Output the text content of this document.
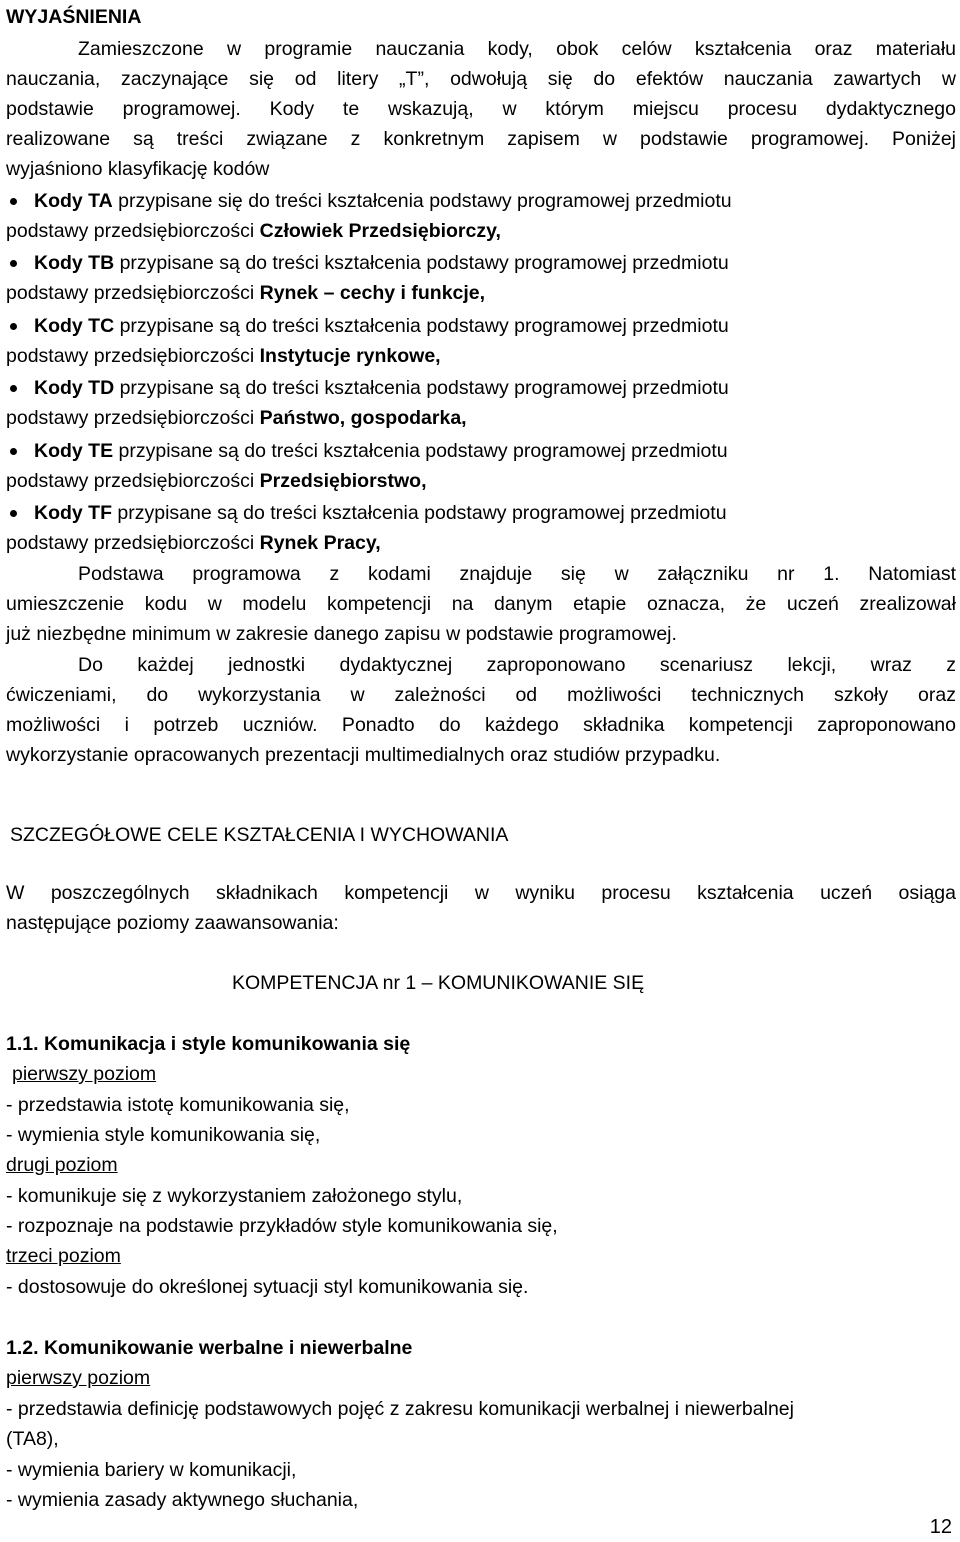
WYJAŚNIENIA
Zamieszczone w programie nauczania kody, obok celów kształcenia oraz materiału
nauczania, zaczynające się od litery „T”, odwołują się do efektów nauczania zawartych w
podstawie programowej. Kody te wskazują, w którym miejscu procesu dydaktycznego
realizowane są treści związane z konkretnym zapisem w podstawie programowej. Poniżej
wyjaśniono klasyfikację kodów
Kody TA przypisane się do treści kształcenia podstawy programowej przedmiotu
podstawy przedsiębiorczości Człowiek Przedsiębiorczy,
Kody TB przypisane są do treści kształcenia podstawy programowej przedmiotu
podstawy przedsiębiorczości Rynek – cechy i funkcje,
Kody TC przypisane są do treści kształcenia podstawy programowej przedmiotu
podstawy przedsiębiorczości Instytucje rynkowe,
Kody TD przypisane są do treści kształcenia podstawy programowej przedmiotu
podstawy przedsiębiorczości Państwo, gospodarka,
Kody TE przypisane są do treści kształcenia podstawy programowej przedmiotu
podstawy przedsiębiorczości Przedsiębiorstwo,
Kody TF przypisane są do treści kształcenia podstawy programowej przedmiotu
podstawy przedsiębiorczości Rynek Pracy,
Podstawa programowa z kodami znajduje się w załączniku nr 1. Natomiast
umieszczenie kodu w modelu kompetencji na danym etapie oznacza, że uczeń zrealizował
już niezbędne minimum w zakresie danego zapisu w podstawie programowej.
Do każdej jednostki dydaktycznej zaproponowano scenariusz lekcji, wraz z
ćwiczeniami, do wykorzystania w zależności od możliwości technicznych szkoły oraz
możliwości i potrzeb uczniów. Ponadto do każdego składnika kompetencji zaproponowano
wykorzystanie opracowanych prezentacji multimedialnych oraz studiów przypadku.
SZCZEGÓŁOWE CELE KSZTAŁCENIA I WYCHOWANIA
W poszczególnych składnikach kompetencji w wyniku procesu kształcenia uczeń osiąga
następujące poziomy zaawansowania:
KOMPETENCJA nr 1 – KOMUNIKOWANIE SIĘ
1.1. Komunikacja i style komunikowania się
pierwszy poziom
- przedstawia istotę komunikowania się,
- wymienia style komunikowania się,
drugi poziom
- komunikuje się z wykorzystaniem założonego stylu,
- rozpoznaje na podstawie przykładów style komunikowania się,
trzeci poziom
- dostosowuje do określonej sytuacji styl komunikowania się.
1.2. Komunikowanie werbalne i niewerbalne
pierwszy poziom
- przedstawia definicję podstawowych pojęć z zakresu komunikacji werbalnej i niewerbalnej
(TA8),
- wymienia bariery w komunikacji,
- wymienia zasady aktywnego słuchania,
12
